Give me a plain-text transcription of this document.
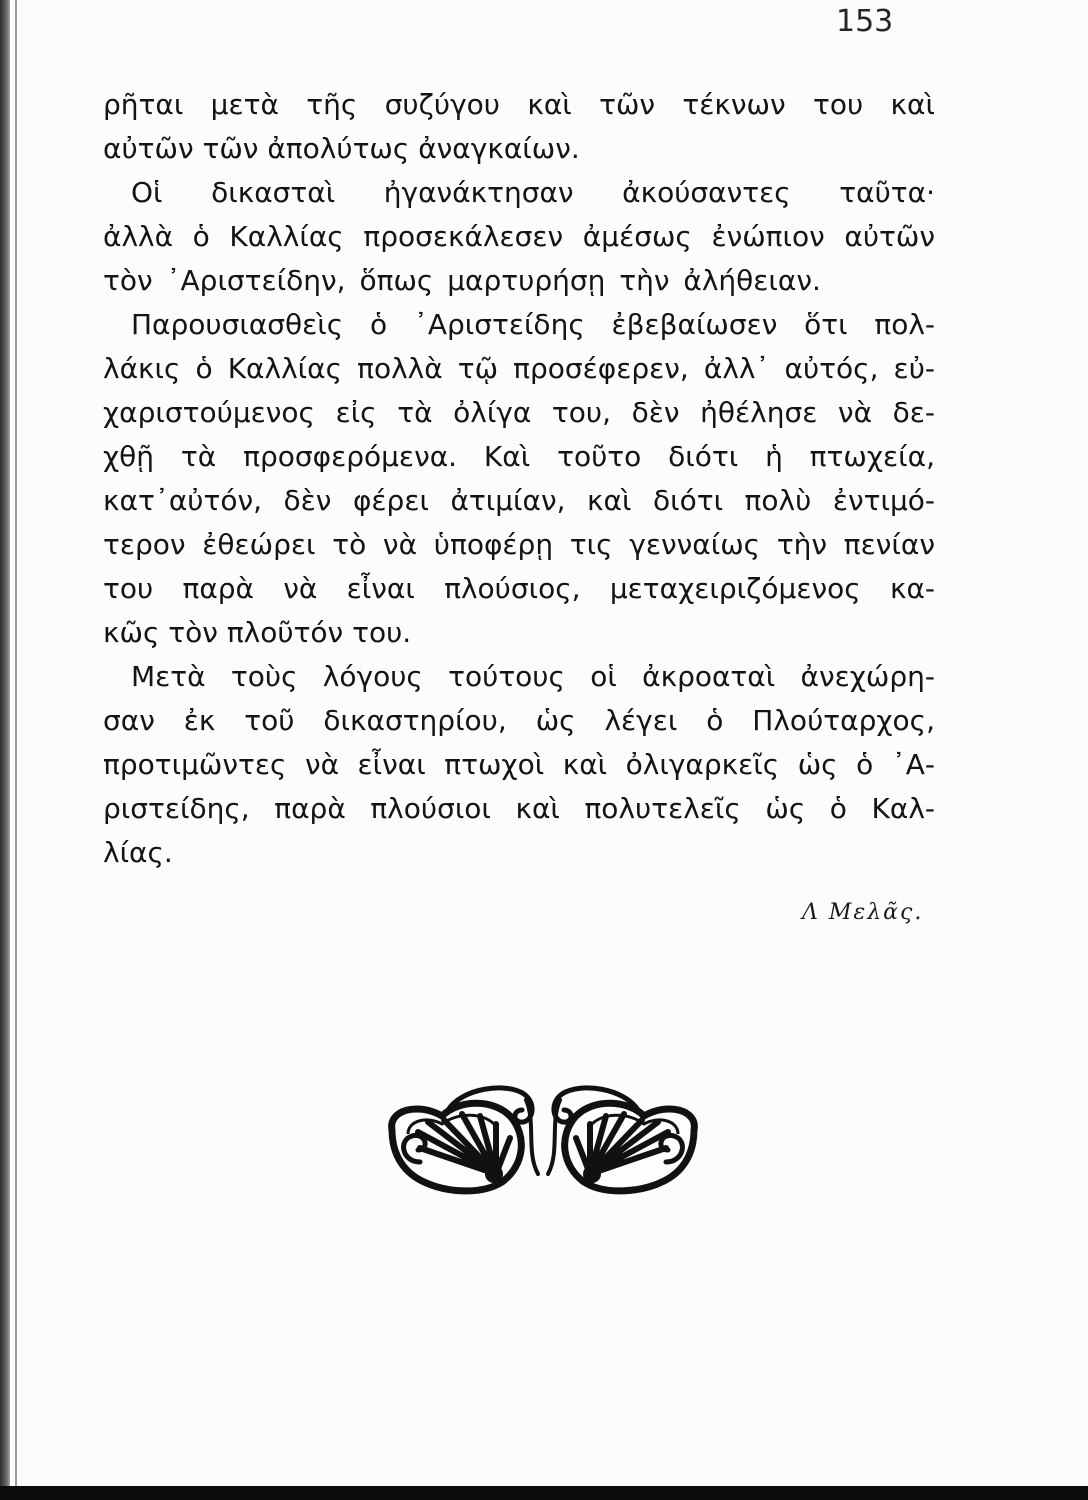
153
ρῆται μετὰ τῆς συζύγου καὶ τῶν τέκνων του καὶ
αὐτῶν τῶν ἀπολύτως ἀναγκαίων.
Οἱ δικασταὶ ἠγανάκτησαν ἀκούσαντες ταῦτα·
ἀλλὰ ὁ Καλλίας προσεκάλεσεν ἀμέσως ἐνώπιον αὐτῶν
τὸν ᾿Αριστείδην, ὅπως μαρτυρήσῃ τὴν ἀλήθειαν.
Παρουσιασθεὶς ὁ ᾿Αριστείδης ἐβεβαίωσεν ὅτι πολ-
λάκις ὁ Καλλίας πολλὰ τῷ προσέφερεν, ἀλλ᾿ αὐτός, εὐ-
χαριστούμενος εἰς τὰ ὀλίγα του, δὲν ἠθέλησε νὰ δε-
χθῇ τὰ προσφερόμενα. Καὶ τοῦτο διότι ἡ πτωχεία,
κατ᾿αὐτόν, δὲν φέρει ἀτιμίαν, καὶ διότι πολὺ ἐντιμό-
τερον ἐθεώρει τὸ νὰ ὑποφέρῃ τις γενναίως τὴν πενίαν
του παρὰ νὰ εἶναι πλούσιος, μεταχειριζόμενος κα-
κῶς τὸν πλοῦτόν του.
Μετὰ τοὺς λόγους τούτους οἱ ἀκροαταὶ ἀνεχώρη-
σαν ἐκ τοῦ δικαστηρίου, ὡς λέγει ὁ Πλούταρχος,
προτιμῶντες νὰ εἶναι πτωχοὶ καὶ ὀλιγαρκεῖς ὡς ὁ ᾿Α-
ριστείδης, παρὰ πλούσιοι καὶ πολυτελεῖς ὡς ὁ Καλ-
λίας.
Λ Μελᾶς.
